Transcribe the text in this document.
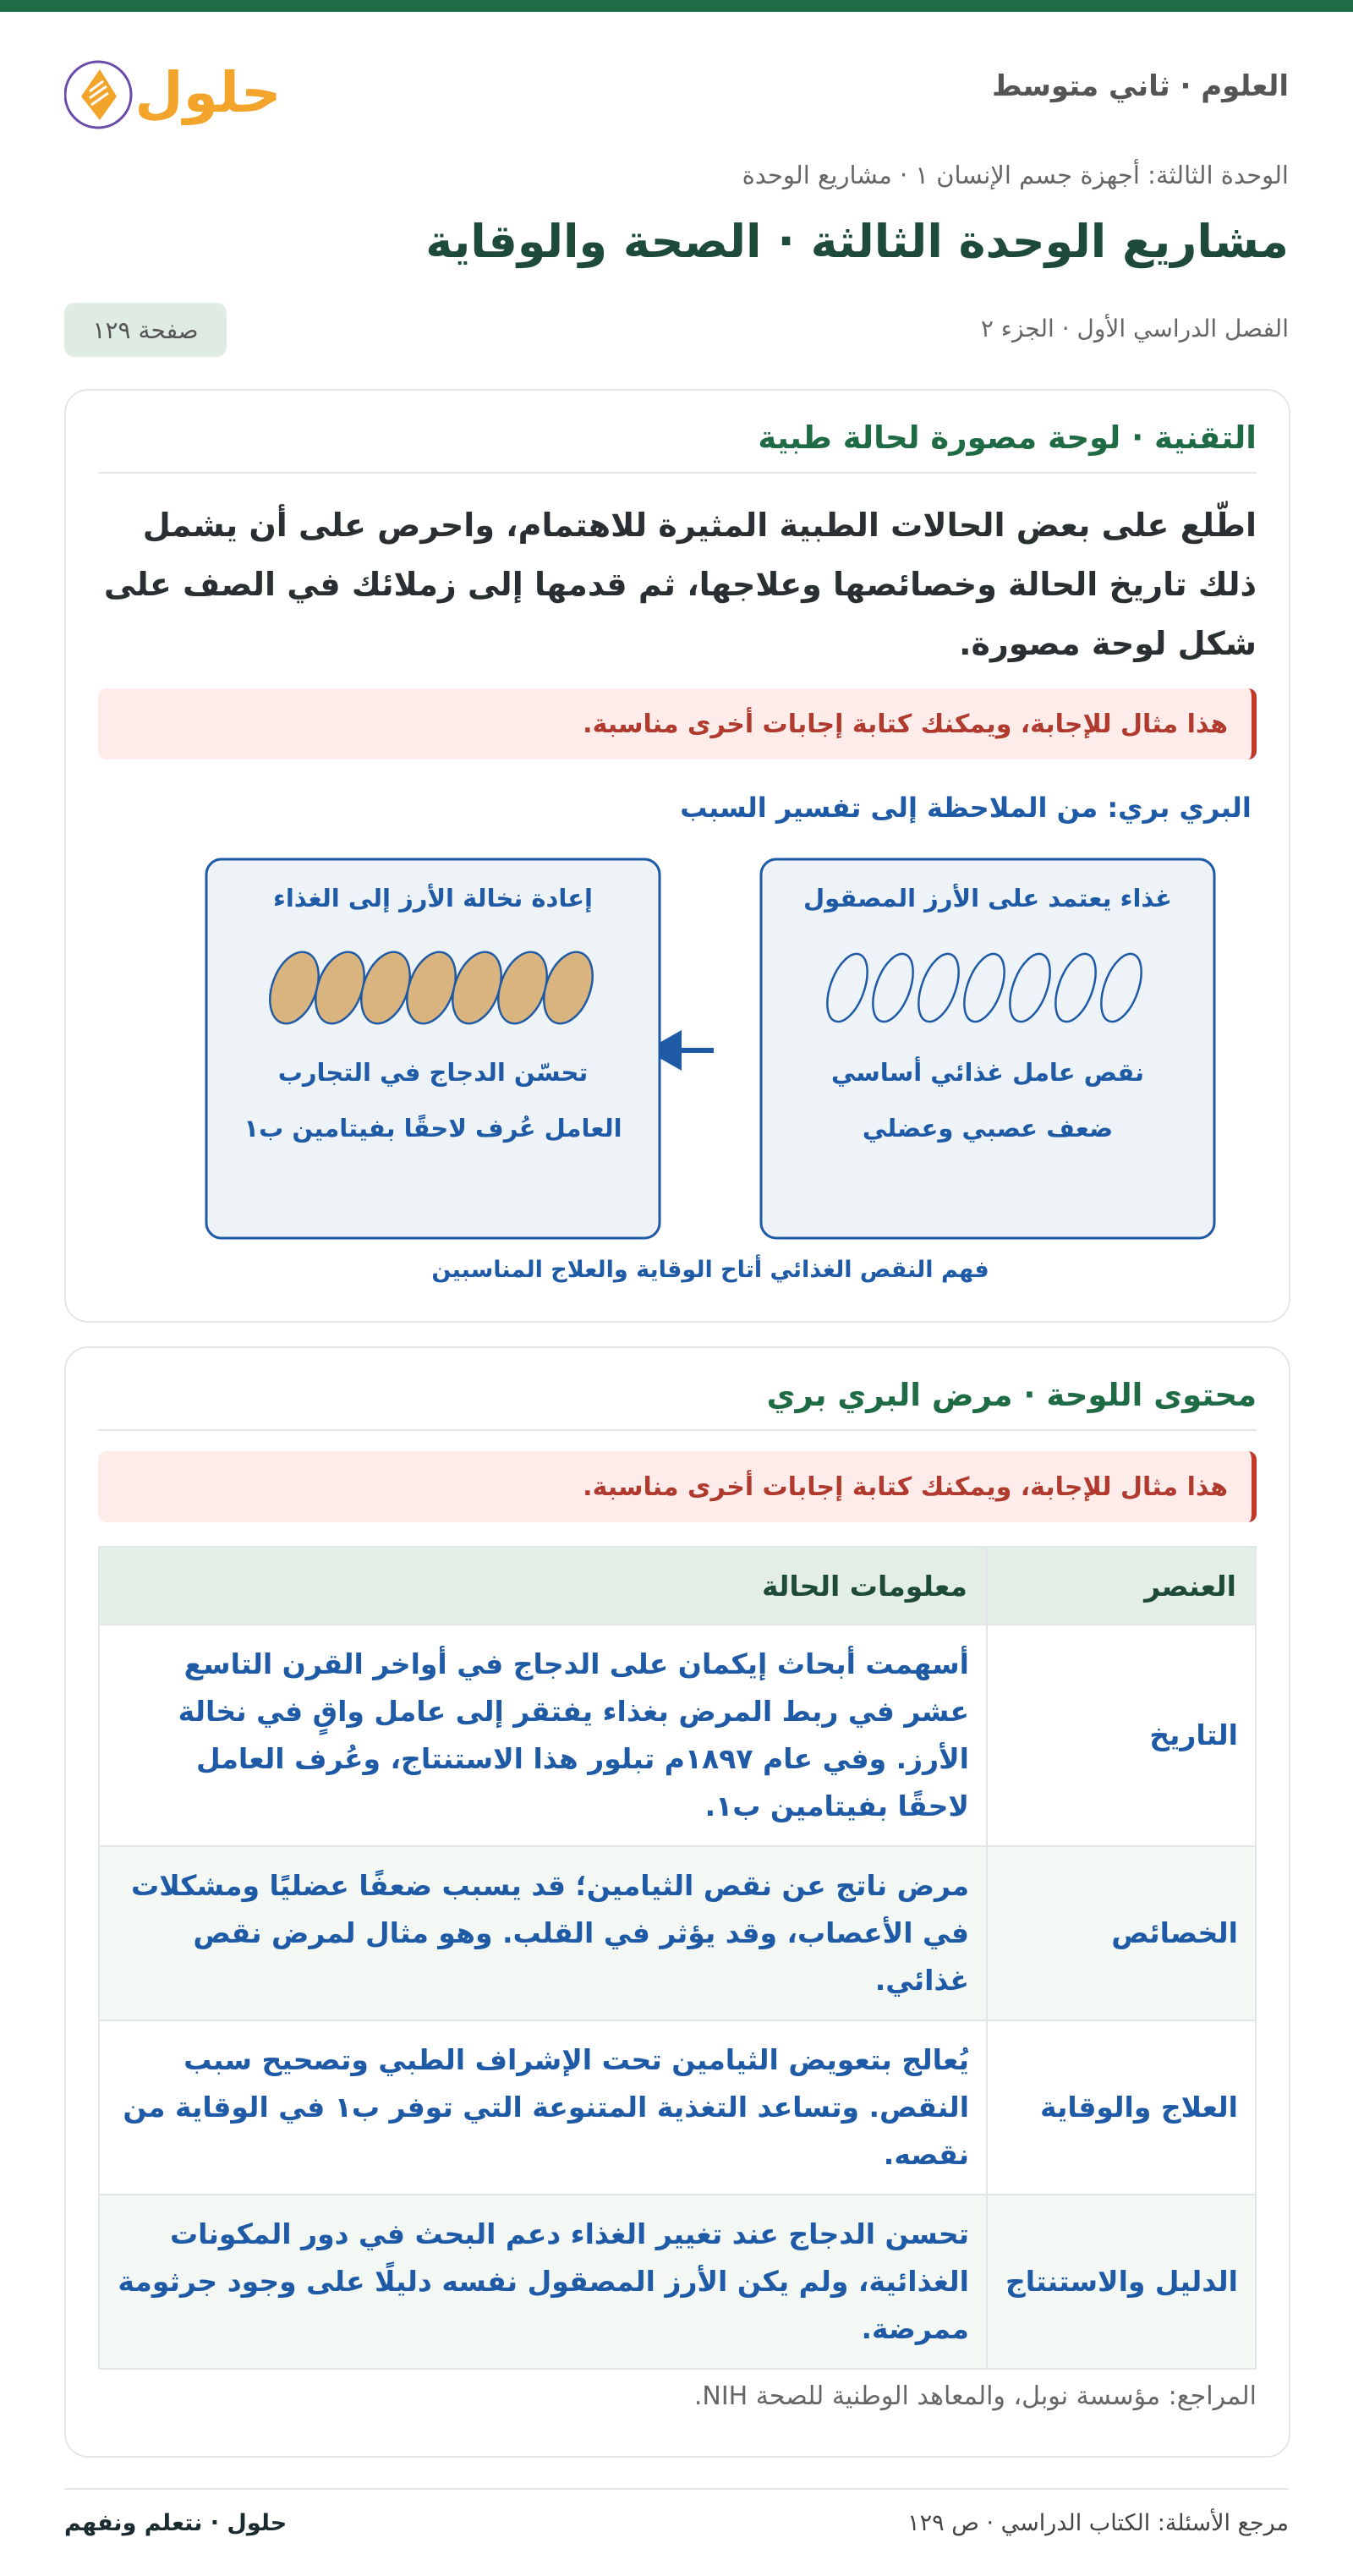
حلول	العلوم · ثاني متوسط
الوحدة الثالثة: أجهزة جسم الإنسان ١ · مشاريع الوحدة
مشاريع الوحدة الثالثة · الصحة والوقاية
الفصل الدراسي الأول · الجزء ٢
صفحة ١٢٩
التقنية · لوحة مصورة لحالة طبية
اطّلع على بعض الحالات الطبية المثيرة للاهتمام، واحرص على أن يشمل ذلك تاريخ الحالة وخصائصها وعلاجها، ثم قدمها إلى زملائك في الصف على شكل لوحة مصورة.
هذا مثال للإجابة، ويمكنك كتابة إجابات أخرى مناسبة.
البري بري: من الملاحظة إلى تفسير السبب
غذاء يعتمد على الأرز المصقول
نقص عامل غذائي أساسي
ضعف عصبي وعضلي
إعادة نخالة الأرز إلى الغذاء
تحسّن الدجاج في التجارب
العامل عُرف لاحقًا بفيتامين ب١
فهم النقص الغذائي أتاح الوقاية والعلاج المناسبين
محتوى اللوحة · مرض البري بري
هذا مثال للإجابة، ويمكنك كتابة إجابات أخرى مناسبة.
العنصر	معلومات الحالة
التاريخ	أسهمت أبحاث إيكمان على الدجاج في أواخر القرن التاسع عشر في ربط المرض بغذاء يفتقر إلى عامل واقٍ في نخالة الأرز. وفي عام ١٨٩٧م تبلور هذا الاستنتاج، وعُرف العامل لاحقًا بفيتامين ب١.
الخصائص	مرض ناتج عن نقص الثيامين؛ قد يسبب ضعفًا عضليًا ومشكلات في الأعصاب، وقد يؤثر في القلب. وهو مثال لمرض نقص غذائي.
العلاج والوقاية	يُعالج بتعويض الثيامين تحت الإشراف الطبي وتصحيح سبب النقص. وتساعد التغذية المتنوعة التي توفر ب١ في الوقاية من نقصه.
الدليل والاستنتاج	تحسن الدجاج عند تغيير الغذاء دعم البحث في دور المكونات الغذائية، ولم يكن الأرز المصقول نفسه دليلًا على وجود جرثومة ممرضة.
المراجع: مؤسسة نوبل، والمعاهد الوطنية للصحة NIH.
مرجع الأسئلة: الكتاب الدراسي · ص ١٢٩
حلول · نتعلم ونفهم
